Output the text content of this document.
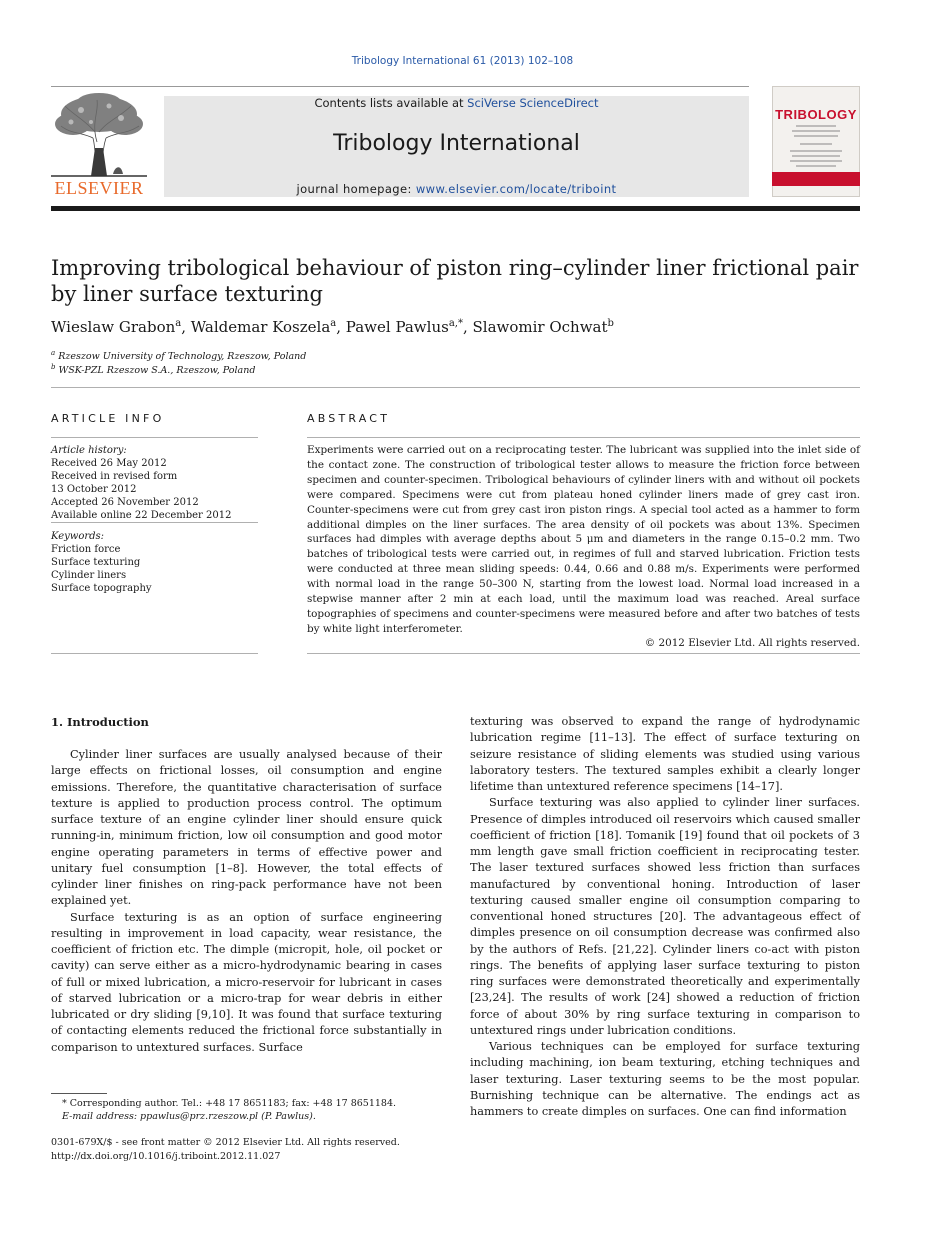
Tribology International 61 (2013) 102–108
ELSEVIER
Contents lists available at SciVerse ScienceDirect
Tribology International
journal homepage: www.elsevier.com/locate/triboint
TRIBOLOGY
Improving tribological behaviour of piston ring–cylinder liner frictional pair by liner surface texturing
Wieslaw Grabon$^a$, Waldemar Koszela$^a$, Pawel Pawlus$^{a,*}$, Slawomir Ochwat$^b$
$^a$ Rzeszow University of Technology, Rzeszow, Poland
$^b$ WSK-PZL Rzeszow S.A., Rzeszow, Poland
ARTICLE INFO
Article history:
Received 26 May 2012
Received in revised form
13 October 2012
Accepted 26 November 2012
Available online 22 December 2012
Keywords:
Friction force
Surface texturing
Cylinder liners
Surface topography
ABSTRACT
Experiments were carried out on a reciprocating tester. The lubricant was supplied into the inlet side of the contact zone. The construction of tribological tester allows to measure the friction force between specimen and counter-specimen. Tribological behaviours of cylinder liners with and without oil pockets were compared. Specimens were cut from plateau honed cylinder liners made of grey cast iron. Counter-specimens were cut from grey cast iron piston rings. A special tool acted as a hammer to form additional dimples on the liner surfaces. The area density of oil pockets was about 13%. Specimen surfaces had dimples with average depths about 5 μm and diameters in the range 0.15–0.2 mm. Two batches of tribological tests were carried out, in regimes of full and starved lubrication. Friction tests were conducted at three mean sliding speeds: 0.44, 0.66 and 0.88 m/s. Experiments were performed with normal load in the range 50–300 N, starting from the lowest load. Normal load increased in a stepwise manner after 2 min at each load, until the maximum load was reached. Areal surface topographies of specimens and counter-specimens were measured before and after two batches of tests by white light interferometer.
© 2012 Elsevier Ltd. All rights reserved.
1. Introduction

Cylinder liner surfaces are usually analysed because of their large effects on frictional losses, oil consumption and engine emissions. Therefore, the quantitative characterisation of surface texture is applied to production process control. The optimum surface texture of an engine cylinder liner should ensure quick running-in, minimum friction, low oil consumption and good motor engine operating parameters in terms of effective power and unitary fuel consumption [1–8]. However, the total effects of cylinder liner finishes on ring-pack performance have not been explained yet.

Surface texturing is as an option of surface engineering resulting in improvement in load capacity, wear resistance, the coefficient of friction etc. The dimple (micropit, hole, oil pocket or cavity) can serve either as a micro-hydrodynamic bearing in cases of full or mixed lubrication, a micro-reservoir for lubricant in cases of starved lubrication or a micro-trap for wear debris in either lubricated or dry sliding [9,10]. It was found that surface texturing of contacting elements reduced the frictional force substantially in comparison to untextured surfaces. Surface

texturing was observed to expand the range of hydrodynamic lubrication regime [11–13]. The effect of surface texturing on seizure resistance of sliding elements was studied using various laboratory testers. The textured samples exhibit a clearly longer lifetime than untextured reference specimens [14–17].

Surface texturing was also applied to cylinder liner surfaces. Presence of dimples introduced oil reservoirs which caused smaller coefficient of friction [18]. Tomanik [19] found that oil pockets of 3 mm length gave small friction coefficient in reciprocating tester. The laser textured surfaces showed less friction than surfaces manufactured by conventional honing. Introduction of laser texturing caused smaller engine oil consumption comparing to conventional honed structures [20]. The advantageous effect of dimples presence on oil consumption decrease was confirmed also by the authors of Refs. [21,22]. Cylinder liners co-act with piston rings. The benefits of applying laser surface texturing to piston ring surfaces were demonstrated theoretically and experimentally [23,24]. The results of work [24] showed a reduction of friction force of about 30% by ring surface texturing in comparison to untextured rings under lubrication conditions.

Various techniques can be employed for surface texturing including machining, ion beam texturing, etching techniques and laser texturing. Laser texturing seems to be the most popular. Burnishing technique can be alternative. The endings act as hammers to create dimples on surfaces. One can find information

* Corresponding author. Tel.: +48 17 8651183; fax: +48 17 8651184.
E-mail address: ppawlus@prz.rzeszow.pl (P. Pawlus).
0301-679X/$ - see front matter © 2012 Elsevier Ltd. All rights reserved.
http://dx.doi.org/10.1016/j.triboint.2012.11.027
